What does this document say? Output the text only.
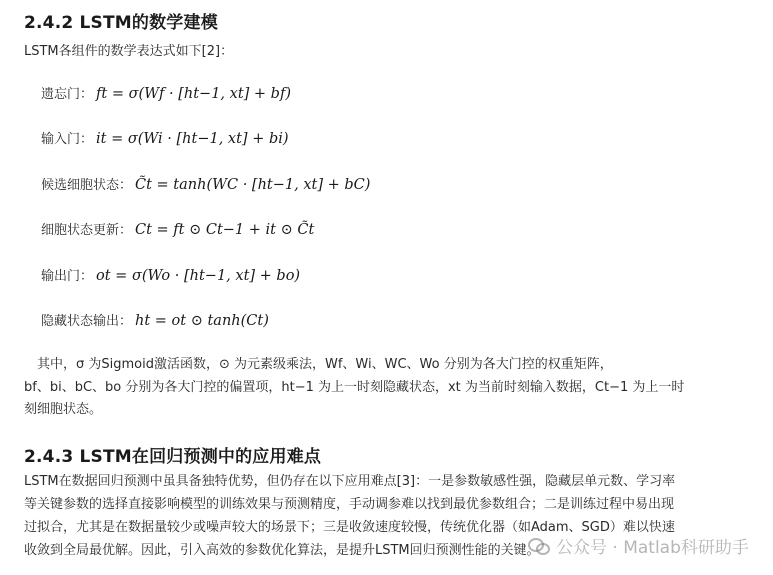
2.4.2 LSTM的数学建模

LSTM各组件的数学表达式如下[2]：

遗忘门： ft = σ(Wf · [ht−1, xt] + bf)

输入门： it = σ(Wi · [ht−1, xt] + bi)

候选细胞状态： C̃t = tanh(WC · [ht−1, xt] + bC)

细胞状态更新： Ct = ft ⊙ Ct−1 + it ⊙ C̃t

输出门： ot = σ(Wo · [ht−1, xt] + bo)

隐藏状态输出： ht = ot ⊙ tanh(Ct)

　其中，σ 为Sigmoid激活函数，⊙ 为元素级乘法，Wf、Wi、WC、Wo 分别为各大门控的权重矩阵，

bf、bi、bC、bo 分别为各大门控的偏置项，ht−1 为上一时刻隐藏状态，xt 为当前时刻输入数据，Ct−1 为上一时

刻细胞状态。

2.4.3 LSTM在回归预测中的应用难点

LSTM在数据回归预测中虽具备独特优势，但仍存在以下应用难点[3]：一是参数敏感性强，隐藏层单元数、学习率

等关键参数的选择直接影响模型的训练效果与预测精度，手动调参难以找到最优参数组合；二是训练过程中易出现

过拟合，尤其是在数据量较少或噪声较大的场景下；三是收敛速度较慢，传统优化器（如Adam、SGD）难以快速

收敛到全局最优解。因此，引入高效的参数优化算法，是提升LSTM回归预测性能的关键。 公众号 · Matlab科研助手
